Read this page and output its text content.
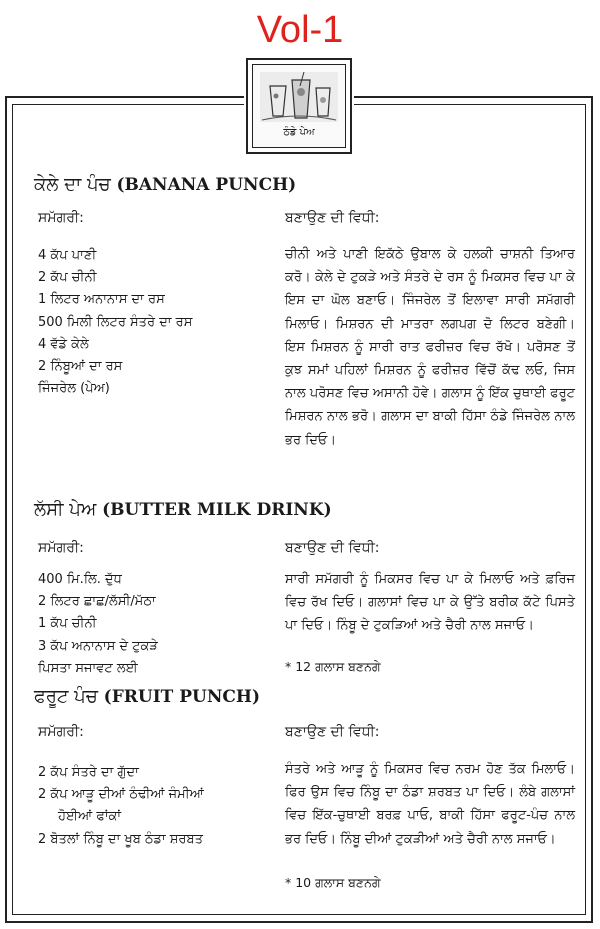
Vol-1
ਠੰਡੇ ਪੇਅ
ਕੇਲੇ ਦਾ ਪੰਚ (BANANA PUNCH)
ਸਮੱਗਰੀ:	ਬਣਾਉਣ ਦੀ ਵਿਧੀ:
4 ਕੱਪ ਪਾਣੀ
2 ਕੱਪ ਚੀਨੀ
1 ਲਿਟਰ ਅਨਾਨਾਸ ਦਾ ਰਸ
500 ਮਿਲੀ ਲਿਟਰ ਸੰਤਰੇ ਦਾ ਰਸ
4 ਵੱਡੇ ਕੇਲੇ
2 ਨਿੰਬੂਆਂ ਦਾ ਰਸ
ਜਿੰਜਰੇਲ (ਪੇਅ)

ਚੀਨੀ ਅਤੇ ਪਾਣੀ ਇਕੱਠੇ ਉਬਾਲ ਕੇ ਹਲਕੀ ਚਾਸ਼ਨੀ ਤਿਆਰ ਕਰੋ। ਕੇਲੇ ਦੇ ਟੁਕੜੇ ਅਤੇ ਸੰਤਰੇ ਦੇ ਰਸ ਨੂੰ ਮਿਕਸਰ ਵਿਚ ਪਾ ਕੇ ਇਸ ਦਾ ਘੋਲ ਬਣਾਓ। ਜਿੰਜਰੇਲ ਤੋਂ ਇਲਾਵਾ ਸਾਰੀ ਸਮੱਗਰੀ ਮਿਲਾਓ। ਮਿਸ਼ਰਨ ਦੀ ਮਾਤਰਾ ਲਗਪਗ ਦੋ ਲਿਟਰ ਬਣੇਗੀ। ਇਸ ਮਿਸ਼ਰਨ ਨੂੰ ਸਾਰੀ ਰਾਤ ਫਰੀਜ਼ਰ ਵਿਚ ਰੱਖੋ। ਪਰੋਸਣ ਤੋਂ ਕੁਝ ਸਮਾਂ ਪਹਿਲਾਂ ਮਿਸ਼ਰਨ ਨੂੰ ਫਰੀਜ਼ਰ ਵਿੱਚੋਂ ਕੱਢ ਲਓ, ਜਿਸ ਨਾਲ ਪਰੋਸਣ ਵਿਚ ਅਸਾਨੀ ਹੋਵੇ। ਗਲਾਸ ਨੂੰ ਇੱਕ ਚੁਥਾਈ ਫਰੂਟ ਮਿਸ਼ਰਨ ਨਾਲ ਭਰੋ। ਗਲਾਸ ਦਾ ਬਾਕੀ ਹਿੱਸਾ ਠੰਡੇ ਜਿੰਜਰੇਲ ਨਾਲ ਭਰ ਦਿਓ।

ਲੱਸੀ ਪੇਅ (BUTTER MILK DRINK)
ਸਮੱਗਰੀ:	ਬਣਾਉਣ ਦੀ ਵਿਧੀ:
400 ਮਿ.ਲਿ. ਦੁੱਧ
2 ਲਿਟਰ ਛਾਛ/ਲੱਸੀ/ਮੱਠਾ
1 ਕੱਪ ਚੀਨੀ
3 ਕੱਪ ਅਨਾਨਾਸ ਦੇ ਟੁਕੜੇ
ਪਿਸਤਾ ਸਜਾਵਟ ਲਈ

ਸਾਰੀ ਸਮੱਗਰੀ ਨੂੰ ਮਿਕਸਰ ਵਿਚ ਪਾ ਕੇ ਮਿਲਾਓ ਅਤੇ ਫ਼ਰਿਜ ਵਿਚ ਰੱਖ ਦਿਓ। ਗਲਾਸਾਂ ਵਿਚ ਪਾ ਕੇ ਉੱਤੇ ਬਰੀਕ ਕੱਟੇ ਪਿਸਤੇ ਪਾ ਦਿਓ। ਨਿੰਬੂ ਦੇ ਟੁਕੜਿਆਂ ਅਤੇ ਚੈਰੀ ਨਾਲ ਸਜਾਓ।

* 12 ਗਲਾਸ ਬਣਨਗੇ
ਫਰੂਟ ਪੰਚ (FRUIT PUNCH)
ਸਮੱਗਰੀ:	ਬਣਾਉਣ ਦੀ ਵਿਧੀ:
2 ਕੱਪ ਸੰਤਰੇ ਦਾ ਗੁੱਦਾ
2 ਕੱਪ ਆੜੂ ਦੀਆਂ ਠੰਢੀਆਂ ਜੰਮੀਆਂ
ਹੋਈਆਂ ਫਾਂਕਾਂ
2 ਬੋਤਲਾਂ ਨਿੰਬੂ ਦਾ ਖੂਬ ਠੰਡਾ ਸ਼ਰਬਤ

ਸੰਤਰੇ ਅਤੇ ਆੜੂ ਨੂੰ ਮਿਕਸਰ ਵਿਚ ਨਰਮ ਹੋਣ ਤੱਕ ਮਿਲਾਓ। ਫਿਰ ਉਸ ਵਿਚ ਨਿੰਬੂ ਦਾ ਠੰਡਾ ਸ਼ਰਬਤ ਪਾ ਦਿਓ। ਲੰਬੇ ਗਲਾਸਾਂ ਵਿਚ ਇੱਕ-ਚੁਥਾਈ ਬਰਫ਼ ਪਾਓ, ਬਾਕੀ ਹਿੱਸਾ ਫਰੂਟ-ਪੰਚ ਨਾਲ ਭਰ ਦਿਓ। ਨਿੰਬੂ ਦੀਆਂ ਟੁਕੜੀਆਂ ਅਤੇ ਚੈਰੀ ਨਾਲ ਸਜਾਓ।

* 10 ਗਲਾਸ ਬਣਨਗੇ
